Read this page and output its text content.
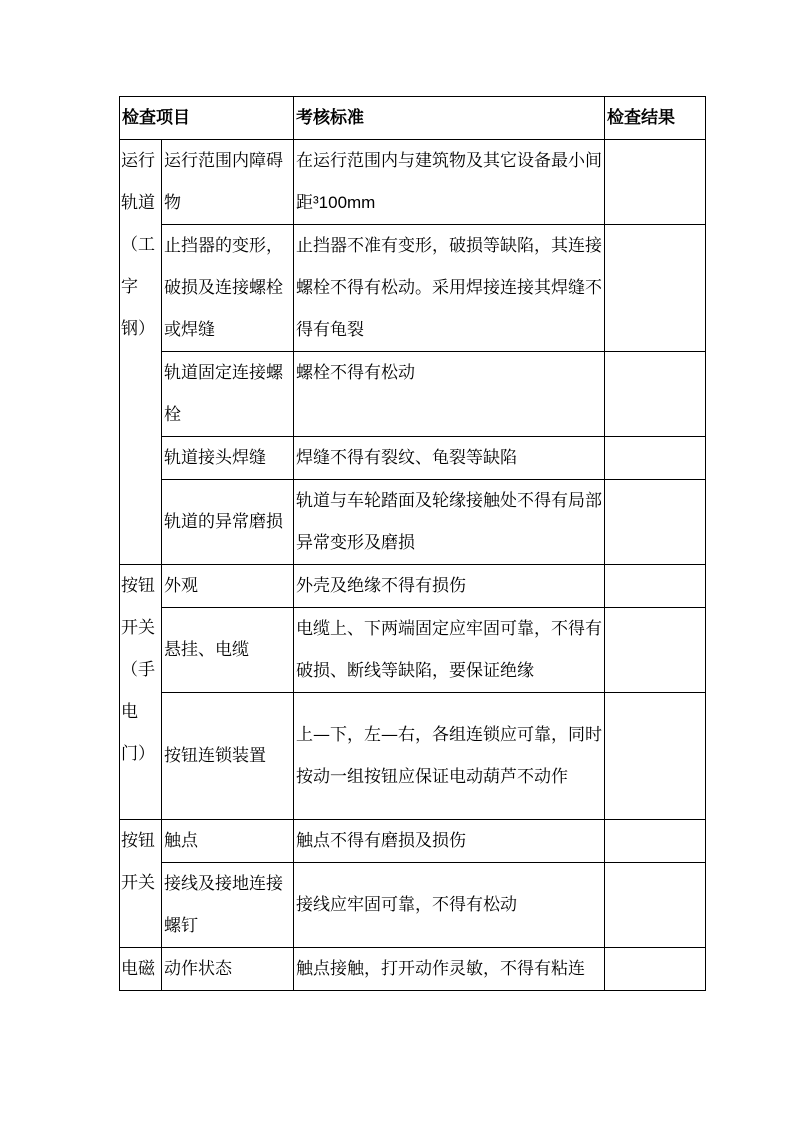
检查项目		考核标准	检查结果
运行轨道（工字钢）	运行范围内障碍物	在运行范围内与建筑物及其它设备最小间距³100mm	
	止挡器的变形，破损及连接螺栓或焊缝	止挡器不准有变形，破损等缺陷，其连接螺栓不得有松动。采用焊接连接其焊缝不得有龟裂	
	轨道固定连接螺栓	螺栓不得有松动	
	轨道接头焊缝	焊缝不得有裂纹、龟裂等缺陷	
	轨道的异常磨损	轨道与车轮踏面及轮缘接触处不得有局部异常变形及磨损	
按钮开关（手电门）	外观	外壳及绝缘不得有损伤	
	悬挂、电缆	电缆上、下两端固定应牢固可靠，不得有破损、断线等缺陷，要保证绝缘	
	按钮连锁装置	上—下，左—右，各组连锁应可靠，同时按动一组按钮应保证电动葫芦不动作	
按钮开关	触点	触点不得有磨损及损伤	
	接线及接地连接螺钉	接线应牢固可靠，不得有松动	
电磁	动作状态	触点接触，打开动作灵敏，不得有粘连	
